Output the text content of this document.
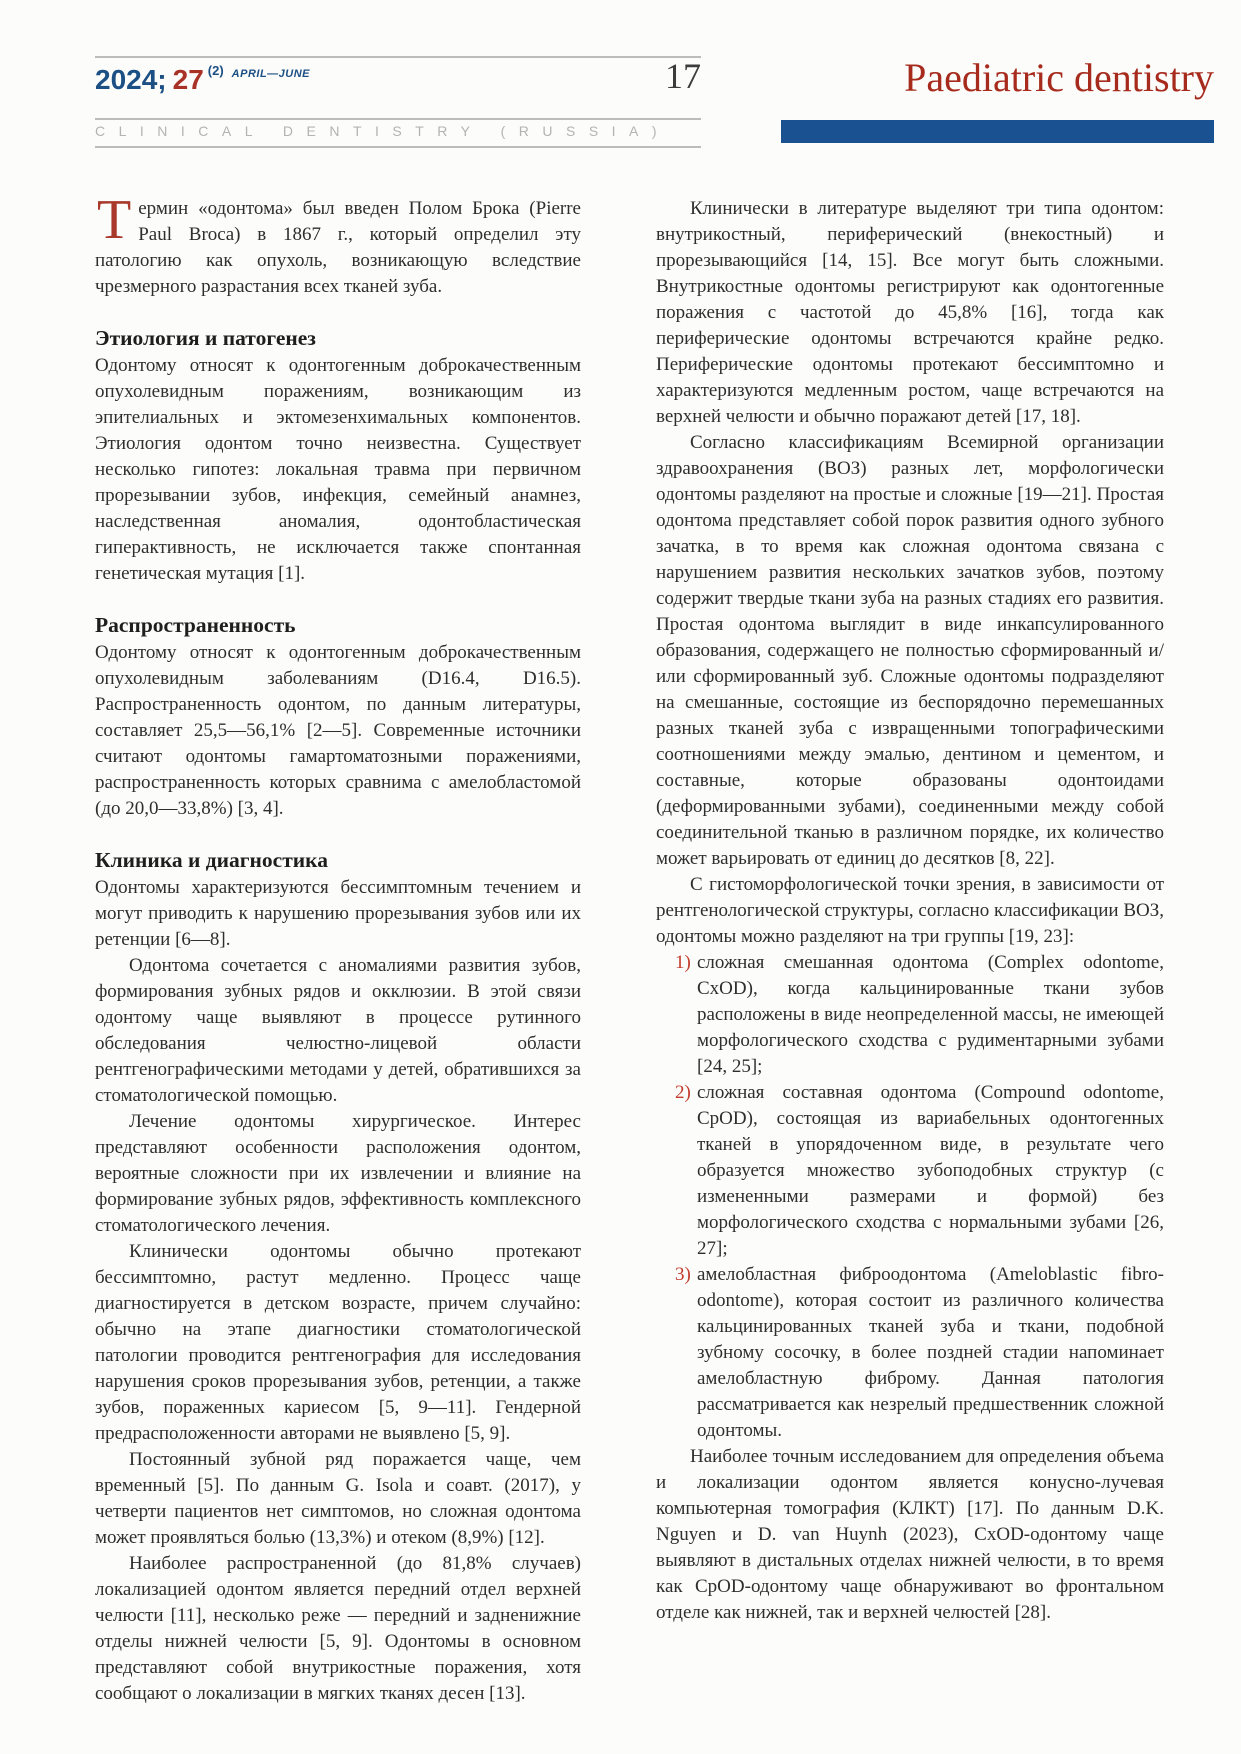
2024; 27 $^{(2)}$ $^{APRIL—JUNE}$	17
CLINICAL DENTISTRY (RUSSIA)
Paediatric dentistry

Термин «одонтома» был введен Полом Брока (Pierre Paul Broca) в 1867 г., который определил эту патологию как опухоль, возникающую вследствие чрезмерного разрастания всех тканей зуба.

Этиология и патогенез

Одонтому относят к одонтогенным доброкачественным опухолевидным поражениям, возникающим из эпителиальных и эктомезенхимальных компонентов. Этиология одонтом точно неизвестна. Существует несколько гипотез: локальная травма при первичном прорезывании зубов, инфекция, семейный анамнез, наследственная аномалия, одонтобластическая гиперактивность, не исключается также спонтанная генетическая мутация [1].

Распространенность

Одонтому относят к одонтогенным доброкачественным опухолевидным заболеваниям (D16.4, D16.5). Распространенность одонтом, по данным литературы, составляет 25,5—56,1% [2—5]. Современные источники считают одонтомы гамартоматозными поражениями, распространенность которых сравнима с амелобластомой (до 20,0—33,8%) [3, 4].

Клиника и диагностика

Одонтомы характеризуются бессимптомным течением и могут приводить к нарушению прорезывания зубов или их ретенции [6—8].

Одонтома сочетается с аномалиями развития зубов, формирования зубных рядов и окклюзии. В этой связи одонтому чаще выявляют в процессе рутинного обследования челюстно-лицевой области рентгенографическими методами у детей, обратившихся за стоматологической помощью.

Лечение одонтомы хирургическое. Интерес представляют особенности расположения одонтом, вероятные сложности при их извлечении и влияние на формирование зубных рядов, эффективность комплексного стоматологического лечения.

Клинически одонтомы обычно протекают бессимптомно, растут медленно. Процесс чаще диагностируется в детском возрасте, причем случайно: обычно на этапе диагностики стоматологической патологии проводится рентгенография для исследования нарушения сроков прорезывания зубов, ретенции, а также зубов, пораженных кариесом [5, 9—11]. Гендерной предрасположенности авторами не выявлено [5, 9].

Постоянный зубной ряд поражается чаще, чем временный [5]. По данным G. Isola и соавт. (2017), у четверти пациентов нет симптомов, но сложная одонтома может проявляться болью (13,3%) и отеком (8,9%) [12].

Наиболее распространенной (до 81,8% случаев) локализацией одонтом является передний отдел верхней челюсти [11], несколько реже — передний и задненижние отделы нижней челюсти [5, 9]. Одонтомы в основном представляют собой внутрикостные поражения, хотя сообщают о локализации в мягких тканях десен [13].

Клинически в литературе выделяют три типа одонтом: внутрикостный, периферический (внекостный) и прорезывающийся [14, 15]. Все могут быть сложными. Внутрикостные одонтомы регистрируют как одонтогенные поражения с частотой до 45,8% [16], тогда как периферические одонтомы встречаются крайне редко. Периферические одонтомы протекают бессимптомно и характеризуются медленным ростом, чаще встречаются на верхней челюсти и обычно поражают детей [17, 18].

Согласно классификациям Всемирной организации здравоохранения (ВОЗ) разных лет, морфологически одонтомы разделяют на простые и сложные [19—21]. Простая одонтома представляет собой порок развития одного зубного зачатка, в то время как сложная одонтома связана с нарушением развития нескольких зачатков зубов, поэтому содержит твердые ткани зуба на разных стадиях его развития. Простая одонтома выглядит в виде инкапсулированного образования, содержащего не полностью сформированный и/или сформированный зуб. Сложные одонтомы подразделяют на смешанные, состоящие из беспорядочно перемешанных разных тканей зуба с извращенными топографическими соотношениями между эмалью, дентином и цементом, и составные, которые образованы одонтоидами (деформированными зубами), соединенными между собой соединительной тканью в различном порядке, их количество может варьировать от единиц до десятков [8, 22].

С гистоморфологической точки зрения, в зависимости от рентгенологической структуры, согласно классификации ВОЗ, одонтомы можно разделяют на три группы [19, 23]:

1) сложная смешанная одонтома (Complex odontome, CxOD), когда кальцинированные ткани зубов расположены в виде неопределенной массы, не имеющей морфологического сходства с рудиментарными зубами [24, 25];
2) сложная составная одонтома (Compound odontome, CpOD), состоящая из вариабельных одонтогенных тканей в упорядоченном виде, в результате чего образуется множество зубоподобных структур (с измененными размерами и формой) без морфологического сходства с нормальными зубами [26, 27];
3) амелобластная фиброодонтома (Ameloblastic fibro-odontome), которая состоит из различного количества кальцинированных тканей зуба и ткани, подобной зубному сосочку, в более поздней стадии напоминает амелобластную фиброму. Данная патология рассматривается как незрелый предшественник сложной одонтомы.

Наиболее точным исследованием для определения объема и локализации одонтом является конусно-лучевая компьютерная томография (КЛКТ) [17]. По данным D.K. Nguyen и D. van Huynh (2023), CxOD-одонтому чаще выявляют в дистальных отделах нижней челюсти, в то время как CpOD-одонтому чаще обнаруживают во фронтальном отделе как нижней, так и верхней челюстей [28].
